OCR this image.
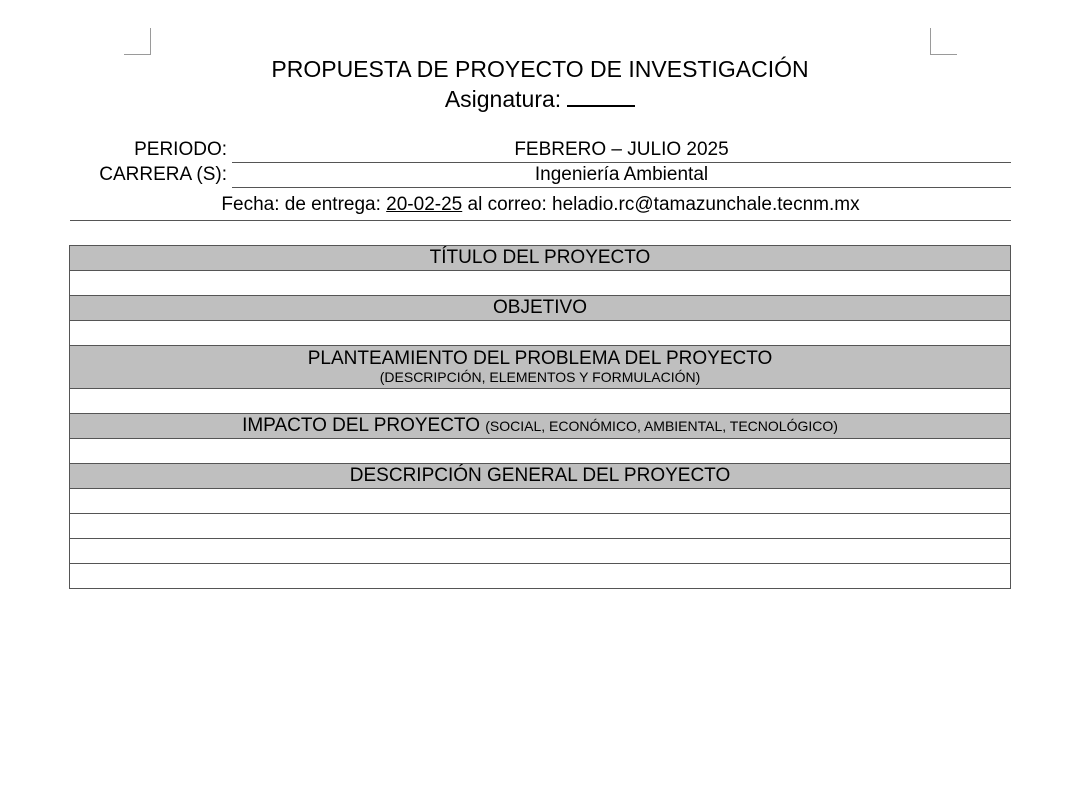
PROPUESTA DE PROYECTO DE INVESTIGACIÓN
Asignatura:
PERIODO:	FEBRERO – JULIO 2025
CARRERA (S):	Ingeniería Ambiental
Fecha: de entrega: 20-02-25 al correo: heladio.rc@tamazunchale.tecnm.mx
TÍTULO DEL PROYECTO

OBJETIVO

PLANTEAMIENTO DEL PROBLEMA DEL PROYECTO
(DESCRIPCIÓN, ELEMENTOS Y FORMULACIÓN)

IMPACTO DEL PROYECTO (SOCIAL, ECONÓMICO, AMBIENTAL, TECNOLÓGICO)

DESCRIPCIÓN GENERAL DEL PROYECTO
